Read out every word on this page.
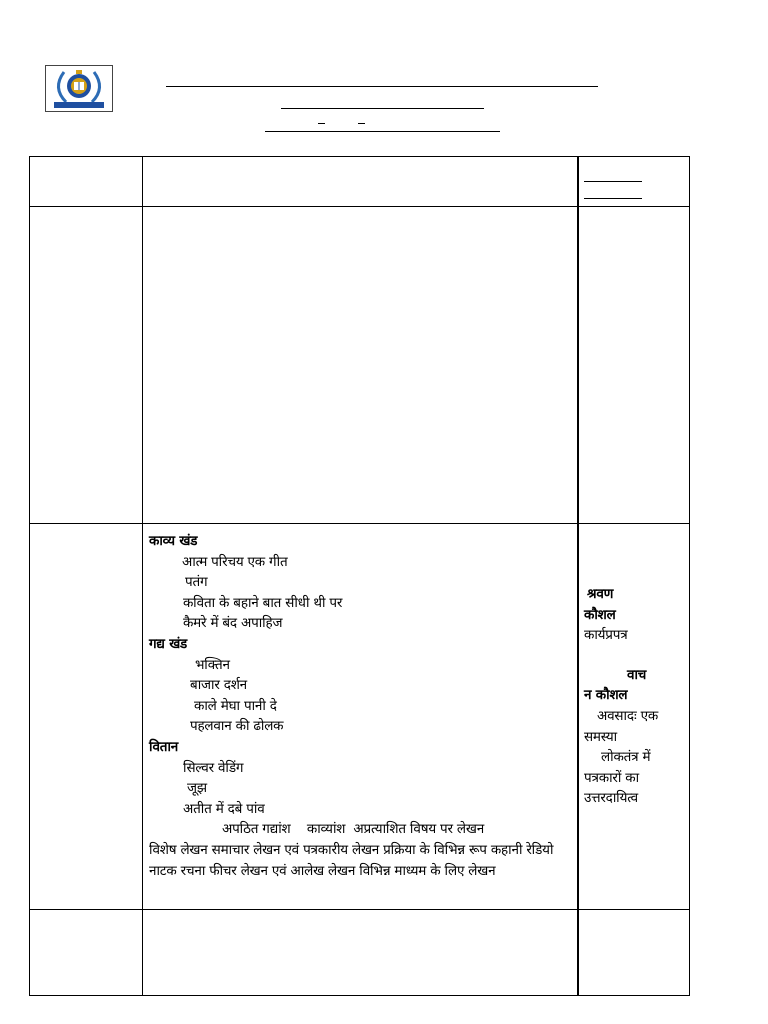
काव्य खंड
आत्म परिचय एक गीत
पतंग
कविता के बहाने बात सीधी थी पर
कैमरे में बंद अपाहिज
गद्य खंड
भक्तिन
बाजार दर्शन
काले मेघा पानी दे
पहलवान की ढोलक
वितान
सिल्वर वेडिंग
जूझ
अतीत में दबे पांव
अपठित गद्यांश    काव्यांश  अप्रत्याशित विषय पर लेखन
विशेष लेखन समाचार लेखन एवं पत्रकारीय लेखन प्रक्रिया के विभिन्न रूप कहानी रेडियो नाटक रचना फीचर लेखन एवं आलेख लेखन विभिन्न माध्यम के लिए लेखन
श्रवण कौशल
कार्यप्रपत्र
वाच
न कौशल
अवसादः एक समस्या
लोकतंत्र में पत्रकारों का उत्तरदायित्व
